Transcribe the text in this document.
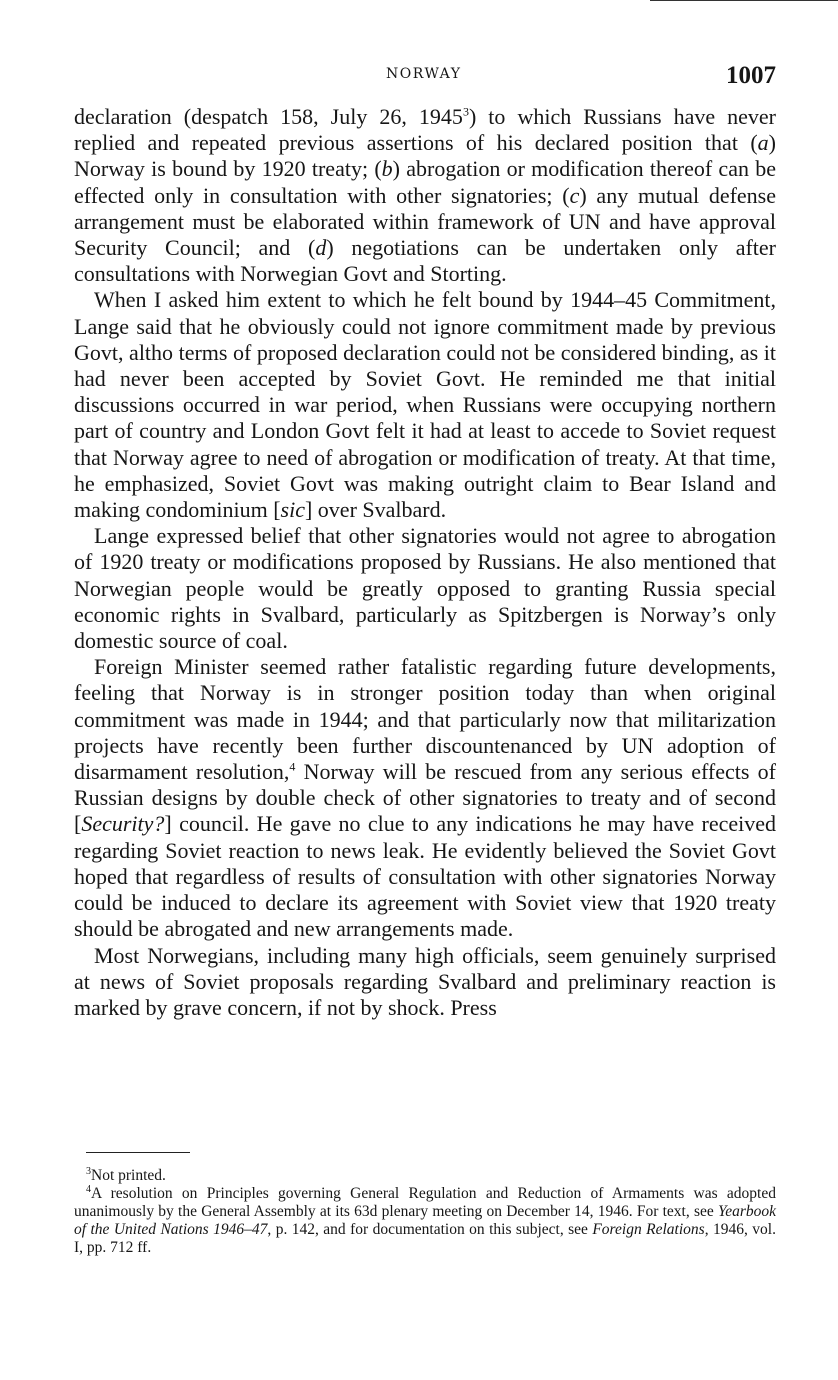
NORWAY	1007

declaration (despatch 158, July 26, 1945$^3$) to which Russians have never replied and repeated previous assertions of his declared position that (a) Norway is bound by 1920 treaty; (b) abrogation or modification thereof can be effected only in consultation with other signatories; (c) any mutual defense arrangement must be elaborated within framework of UN and have approval Security Council; and (d) negotiations can be undertaken only after consultations with Norwegian Govt and Storting.

When I asked him extent to which he felt bound by 1944–45 Commitment, Lange said that he obviously could not ignore commitment made by previous Govt, altho terms of proposed declaration could not be considered binding, as it had never been accepted by Soviet Govt. He reminded me that initial discussions occurred in war period, when Russians were occupying northern part of country and London Govt felt it had at least to accede to Soviet request that Norway agree to need of abrogation or modification of treaty. At that time, he emphasized, Soviet Govt was making outright claim to Bear Island and making condominium [sic] over Svalbard.

Lange expressed belief that other signatories would not agree to abrogation of 1920 treaty or modifications proposed by Russians. He also mentioned that Norwegian people would be greatly opposed to granting Russia special economic rights in Svalbard, particularly as Spitzbergen is Norway’s only domestic source of coal.

Foreign Minister seemed rather fatalistic regarding future developments, feeling that Norway is in stronger position today than when original commitment was made in 1944; and that particularly now that militarization projects have recently been further discountenanced by UN adoption of disarmament resolution,$^4$ Norway will be rescued from any serious effects of Russian designs by double check of other signatories to treaty and of second [Security?] council. He gave no clue to any indications he may have received regarding Soviet reaction to news leak. He evidently believed the Soviet Govt hoped that regardless of results of consultation with other signatories Norway could be induced to declare its agreement with Soviet view that 1920 treaty should be abrogated and new arrangements made.

Most Norwegians, including many high officials, seem genuinely surprised at news of Soviet proposals regarding Svalbard and preliminary reaction is marked by grave concern, if not by shock. Press

$^3$Not printed.

$^4$A resolution on Principles governing General Regulation and Reduction of Armaments was adopted unanimously by the General Assembly at its 63d plenary meeting on December 14, 1946. For text, see Yearbook of the United Nations 1946–47, p. 142, and for documentation on this subject, see Foreign Relations, 1946, vol. I, pp. 712 ff.
